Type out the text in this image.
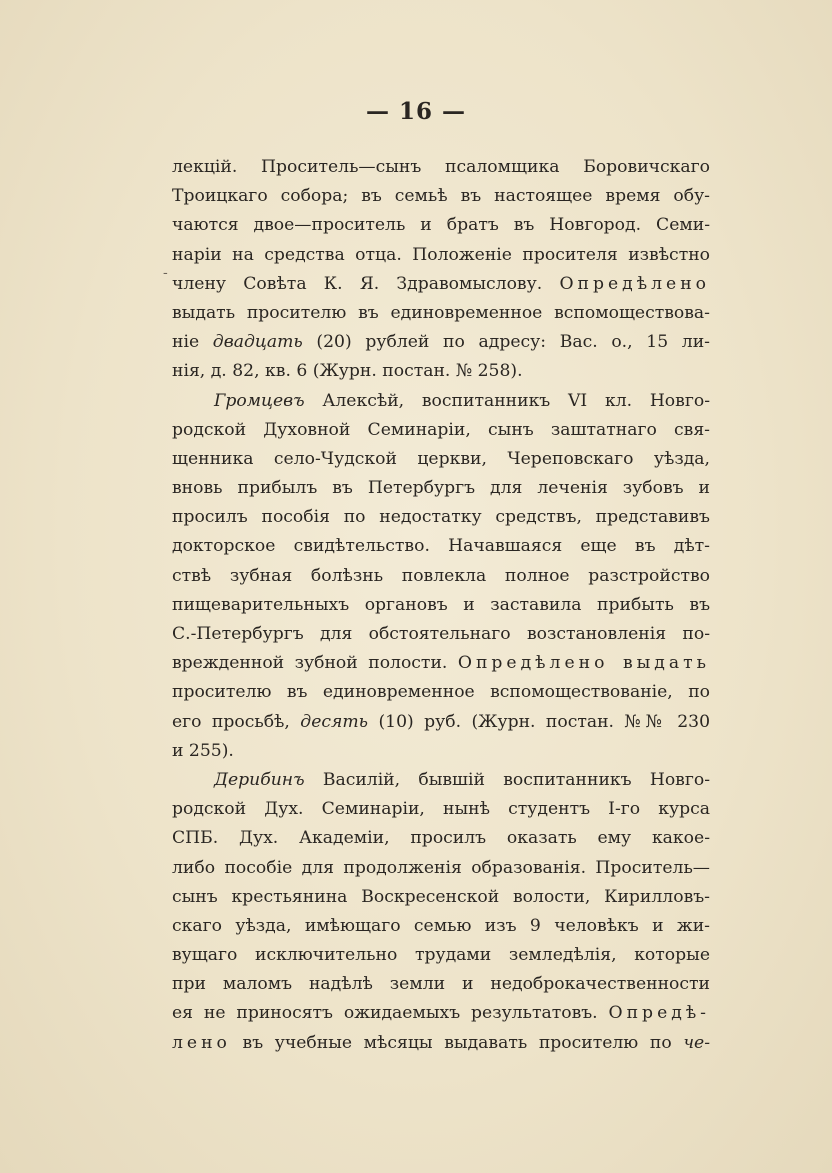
— 16 —
-
лекцій. Проситель—сынъ псаломщика Боровичскаго
Троицкаго собора; въ семьѣ въ настоящее время обу-
чаются двое—проситель и братъ въ Новгород. Семи-
наріи на средства отца. Положеніе просителя извѣстно
члену Совѣта К. Я. Здравомыслову. Опредѣлено
выдать просителю въ единовременное вспомоществова-
ніе двадцать (20) рублей по адресу: Вас. о., 15 ли-
нія, д. 82, кв. 6 (Журн. постан. № 258).
Громцевъ Алексѣй, воспитанникъ VI кл. Новго-
родской Духовной Семинаріи, сынъ заштатнаго свя-
щенника село-Чудской церкви, Череповскаго уѣзда,
вновь прибылъ въ Петербургъ для леченія зубовъ и
просилъ пособія по недостатку средствъ, представивъ
докторское свидѣтельство. Начавшаяся еще въ дѣт-
ствѣ зубная болѣзнь повлекла полное разстройство
пищеварительныхъ органовъ и заставила прибыть въ
С.-Петербургъ для обстоятельнаго возстановленія по-
врежденной зубной полости. Опредѣлено выдать
просителю въ единовременное вспомоществованіе, по
его просьбѣ, десять (10) руб. (Журн. постан. №№ 230
и 255).
Дерибинъ Василій, бывшій воспитанникъ Новго-
родской Дух. Семинаріи, нынѣ студентъ І-го курса
СПБ. Дух. Академіи, просилъ оказать ему какое-
либо пособіе для продолженія образованія. Проситель—
сынъ крестьянина Воскресенской волости, Кирилловъ-
скаго уѣзда, имѣющаго семью изъ 9 человѣкъ и жи-
вущаго исключительно трудами земледѣлія, которые
при маломъ надѣлѣ земли и недоброкачественности
ея не приносятъ ожидаемыхъ результатовъ. Опредѣ-
лено въ учебные мѣсяцы выдавать просителю по че-
